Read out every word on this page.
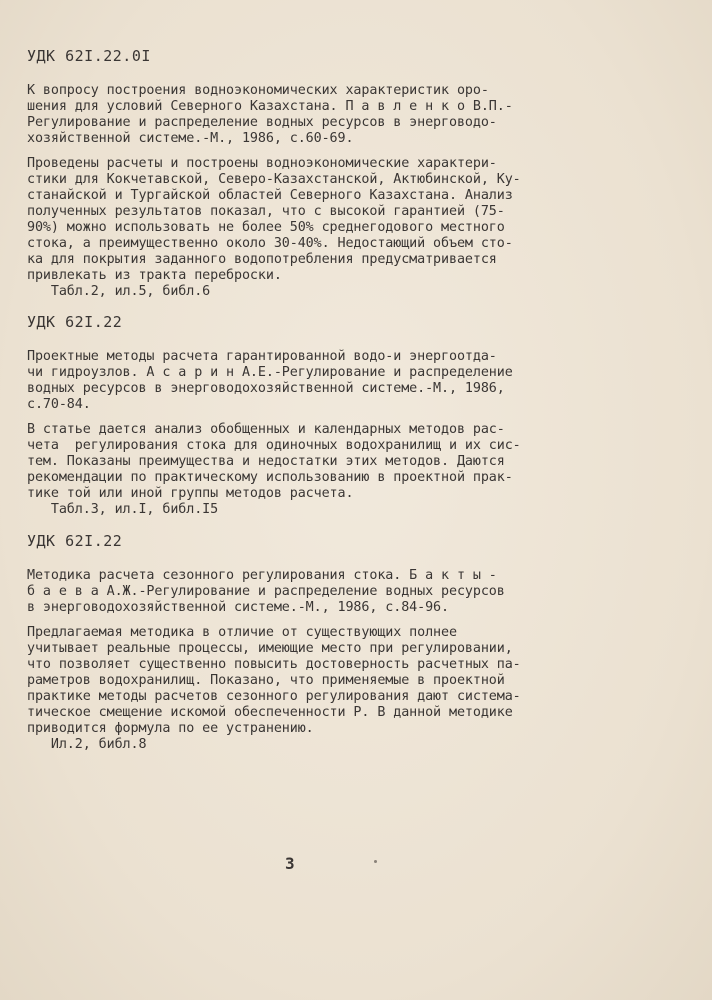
УДК 62I.22.0I

К вопросу построения водноэкономических характеристик оро-
шения для условий Северного Казахстана. П а в л е н к о В.П.-
Регулирование и распределение водных ресурсов в энерговодо-
хозяйственной системе.-М., 1986, с.60-69.

Проведены расчеты и построены водноэкономические характери-
стики для Кокчетавской, Северо-Казахстанской, Актюбинской, Ку-
станайской и Тургайской областей Северного Казахстана. Анализ
полученных результатов показал, что с высокой гарантией (75-
90%) можно использовать не более 50% среднегодового местного
стока, а преимущественно около 30-40%. Недостающий объем сто-
ка для покрытия заданного водопотребления предусматривается
привлекать из тракта переброски.

Табл.2, ил.5, библ.6

УДК 62I.22

Проектные методы расчета гарантированной водо-и энергоотда-
чи гидроузлов. А с а р и н А.Е.-Регулирование и распределение
водных ресурсов в энерговодохозяйственной системе.-М., 1986,
с.70-84.

В статье дается анализ обобщенных и календарных методов рас-
чета  регулирования стока для одиночных водохранилищ и их сис-
тем. Показаны преимущества и недостатки этих методов. Даются
рекомендации по практическому использованию в проектной прак-
тике той или иной группы методов расчета.

Табл.3, ил.I, библ.I5

УДК 62I.22

Методика расчета сезонного регулирования стока. Б а к т ы -
б а е в а А.Ж.-Регулирование и распределение водных ресурсов
в энерговодохозяйственной системе.-М., 1986, с.84-96.

Предлагаемая методика в отличие от существующих полнее
учитывает реальные процессы, имеющие место при регулировании,
что позволяет существенно повысить достоверность расчетных па-
раметров водохранилищ. Показано, что применяемые в проектной
практике методы расчетов сезонного регулирования дают система-
тическое смещение искомой обеспеченности Р. В данной методике
приводится формула по ее устранению.

Ил.2, библ.8

3
